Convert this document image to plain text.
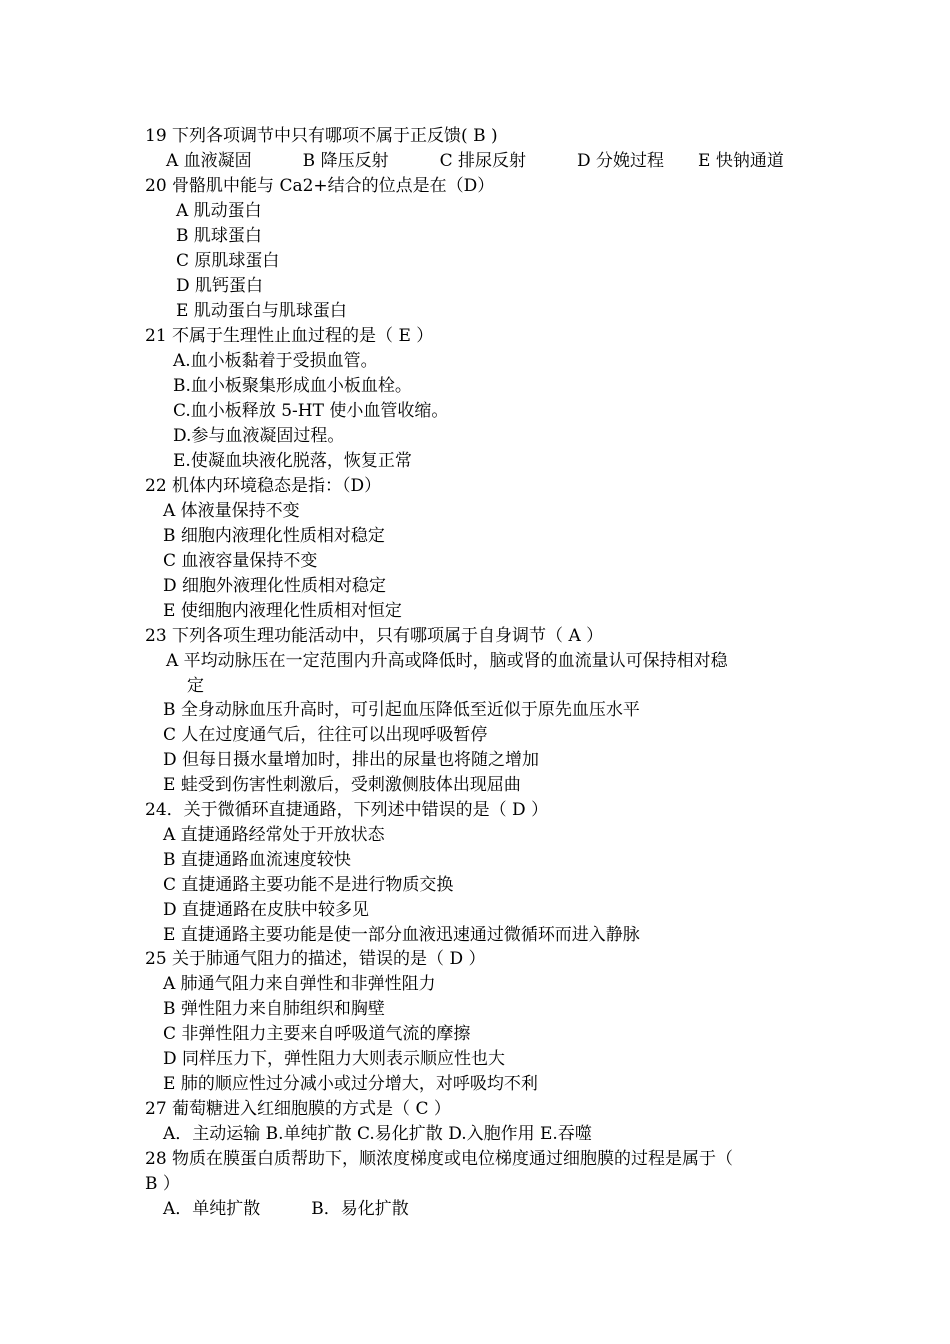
19 下列各项调节中只有哪项不属于正反馈( B )
A 血液凝固　　　B 降压反射　　　C 排尿反射　　　D 分娩过程　　E 快钠通道
20 骨骼肌中能与 Ca2+结合的位点是在（D）
A 肌动蛋白
B 肌球蛋白
C 原肌球蛋白
D 肌钙蛋白
E 肌动蛋白与肌球蛋白
21 不属于生理性止血过程的是（ E ）
A.血小板黏着于受损血管。
B.血小板聚集形成血小板血栓。
C.血小板释放 5-HT 使小血管收缩。
D.参与血液凝固过程。
E.使凝血块液化脱落，恢复正常
22 机体内环境稳态是指：（D）
A 体液量保持不变
B 细胞内液理化性质相对稳定
C 血液容量保持不变
D 细胞外液理化性质相对稳定
E 使细胞内液理化性质相对恒定
23 下列各项生理功能活动中，只有哪项属于自身调节（ A ）
A 平均动脉压在一定范围内升高或降低时，脑或肾的血流量认可保持相对稳
定
B 全身动脉血压升高时，可引起血压降低至近似于原先血压水平
C 人在过度通气后，往往可以出现呼吸暂停
D 但每日摄水量增加时，排出的尿量也将随之增加
E 蛙受到伤害性刺激后，受刺激侧肢体出现屈曲
24．关于微循环直捷通路，下列述中错误的是（ D ）
A 直捷通路经常处于开放状态
B 直捷通路血流速度较快
C 直捷通路主要功能不是进行物质交换
D 直捷通路在皮肤中较多见
E 直捷通路主要功能是使一部分血液迅速通过微循环而进入静脉
25 关于肺通气阻力的描述，错误的是（ D ）
A 肺通气阻力来自弹性和非弹性阻力
B 弹性阻力来自肺组织和胸壁
C 非弹性阻力主要来自呼吸道气流的摩擦
D 同样压力下，弹性阻力大则表示顺应性也大
E 肺的顺应性过分减小或过分增大，对呼吸均不利
27 葡萄糖进入红细胞膜的方式是（ C ）
A．主动运输 B.单纯扩散 C.易化扩散 D.入胞作用 E.吞噬
28 物质在膜蛋白质帮助下，顺浓度梯度或电位梯度通过细胞膜的过程是属于（
B ）
A．单纯扩散　　　B．易化扩散
